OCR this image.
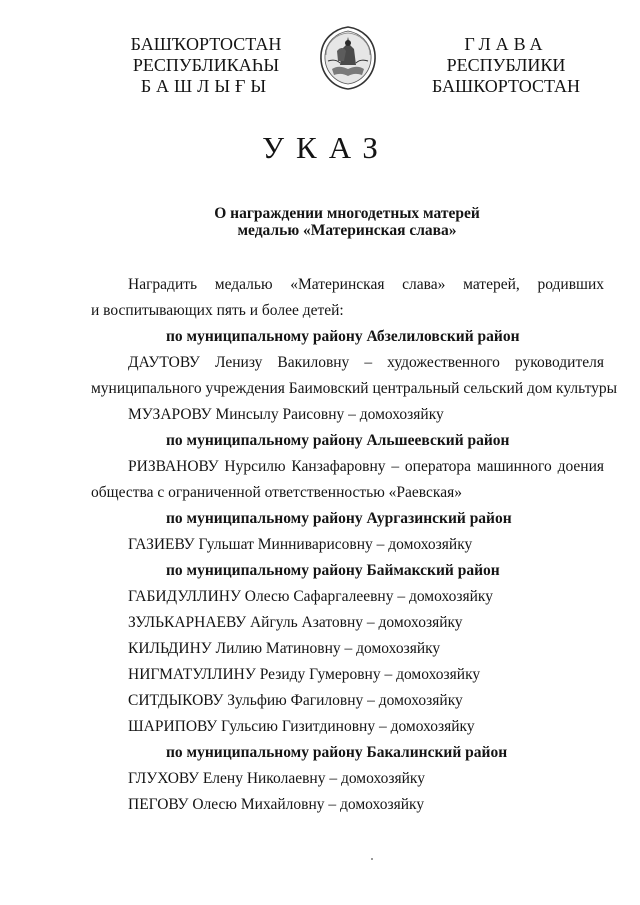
БАШҠОРТОСТАН
РЕСПУБЛИКАҺЫ
БАШЛЫҒЫ
ГЛАВА
РЕСПУБЛИКИ
БАШКОРТОСТАН
УКАЗ
О награждении многодетных матерей
медалью «Материнская слава»

Наградить медалью «Материнская слава» матерей, родивших
и воспитывающих пять и более детей:

по муниципальному району Абзелиловский район
ДАУТОВУ Ленизу Вакиловну – художественного руководителя
муниципального учреждения Баимовский центральный сельский дом культуры
МУЗАРОВУ Минсылу Раисовну – домохозяйку
по муниципальному району Альшеевский район
РИЗВАНОВУ Нурсилю Канзафаровну – оператора машинного доения
общества с ограниченной ответственностью «Раевская»
по муниципальному району Аургазинский район
ГАЗИЕВУ Гульшат Минниварисовну – домохозяйку
по муниципальному району Баймакский район
ГАБИДУЛЛИНУ Олесю Сафаргалеевну – домохозяйку
ЗУЛЬКАРНАЕВУ Айгуль Азатовну – домохозяйку
КИЛЬДИНУ Лилию Матиновну – домохозяйку
НИГМАТУЛЛИНУ Резиду Гумеровну – домохозяйку
СИТДЫКОВУ Зульфию Фагиловну – домохозяйку
ШАРИПОВУ Гульсию Гизитдиновну – домохозяйку
по муниципальному району Бакалинский район
ГЛУХОВУ Елену Николаевну – домохозяйку
ПЕГОВУ Олесю Михайловну – домохозяйку
